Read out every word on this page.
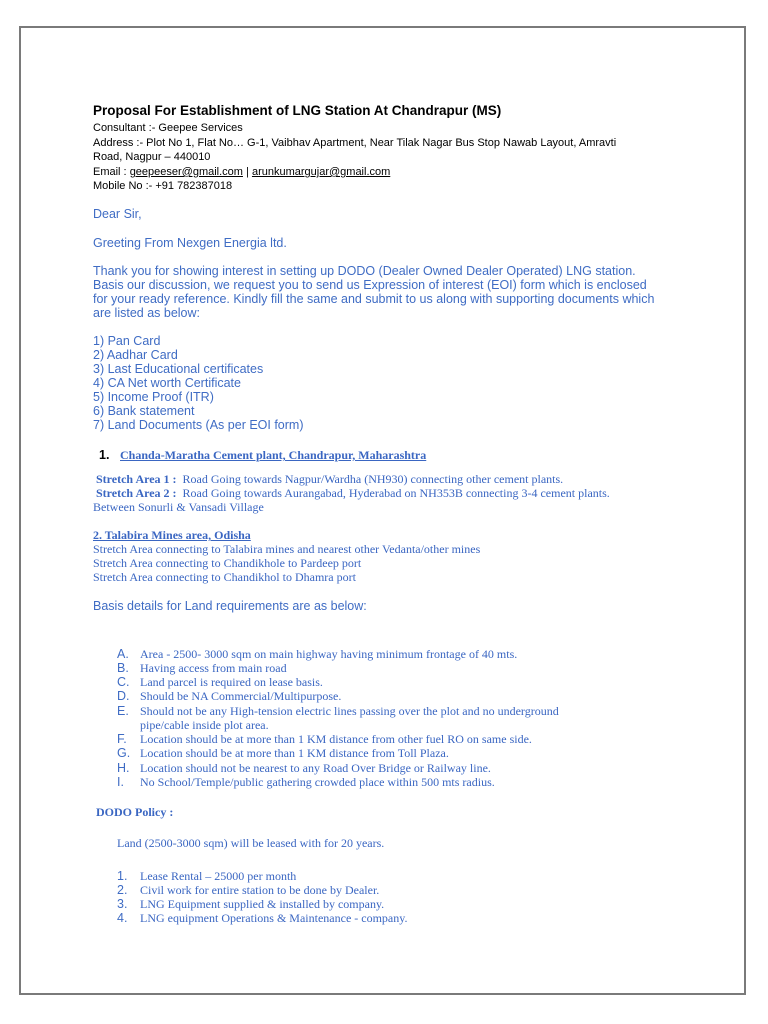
Proposal For Establishment of LNG Station At Chandrapur (MS)
Consultant :- Geepee Services
Address :- Plot No 1, Flat No… G-1, Vaibhav Apartment, Near Tilak Nagar Bus Stop Nawab Layout, Amravti
Road, Nagpur – 440010
Email : geepeeser@gmail.com | arunkumargujar@gmail.com
Mobile No :- +91 782387018
Dear Sir,
Greeting From Nexgen Energia ltd.
Thank you for showing interest in setting up DODO (Dealer Owned Dealer Operated) LNG station.
Basis our discussion, we request you to send us Expression of interest (EOI) form which is enclosed
for your ready reference. Kindly fill the same and submit to us along with supporting documents which
are listed as below:
1) Pan Card
2) Aadhar Card
3) Last Educational certificates
4) CA Net worth Certificate
5) Income Proof (ITR)
6) Bank statement
7) Land Documents (As per EOI form)
1. Chanda-Maratha Cement plant, Chandrapur, Maharashtra
Stretch Area 1 : Road Going towards Nagpur/Wardha (NH930) connecting other cement plants.
Stretch Area 2 : Road Going towards Aurangabad, Hyderabad on NH353B connecting 3-4 cement plants.
Between Sonurli & Vansadi Village
2. Talabira Mines area, Odisha
Stretch Area connecting to Talabira mines and nearest other Vedanta/other mines
Stretch Area connecting to Chandikhole to Pardeep port
Stretch Area connecting to Chandikhol to Dhamra port
Basis details for Land requirements are as below:
A. Area - 2500- 3000 sqm on main highway having minimum frontage of 40 mts.
B. Having access from main road
C. Land parcel is required on lease basis.
D. Should be NA Commercial/Multipurpose.
E. Should not be any High-tension electric lines passing over the plot and no underground
pipe/cable inside plot area.
F. Location should be at more than 1 KM distance from other fuel RO on same side.
G. Location should be at more than 1 KM distance from Toll Plaza.
H. Location should not be nearest to any Road Over Bridge or Railway line.
I. No School/Temple/public gathering crowded place within 500 mts radius.
DODO Policy :
Land (2500-3000 sqm) will be leased with for 20 years.
1. Lease Rental – 25000 per month
2. Civil work for entire station to be done by Dealer.
3. LNG Equipment supplied & installed by company.
4. LNG equipment Operations & Maintenance - company.
